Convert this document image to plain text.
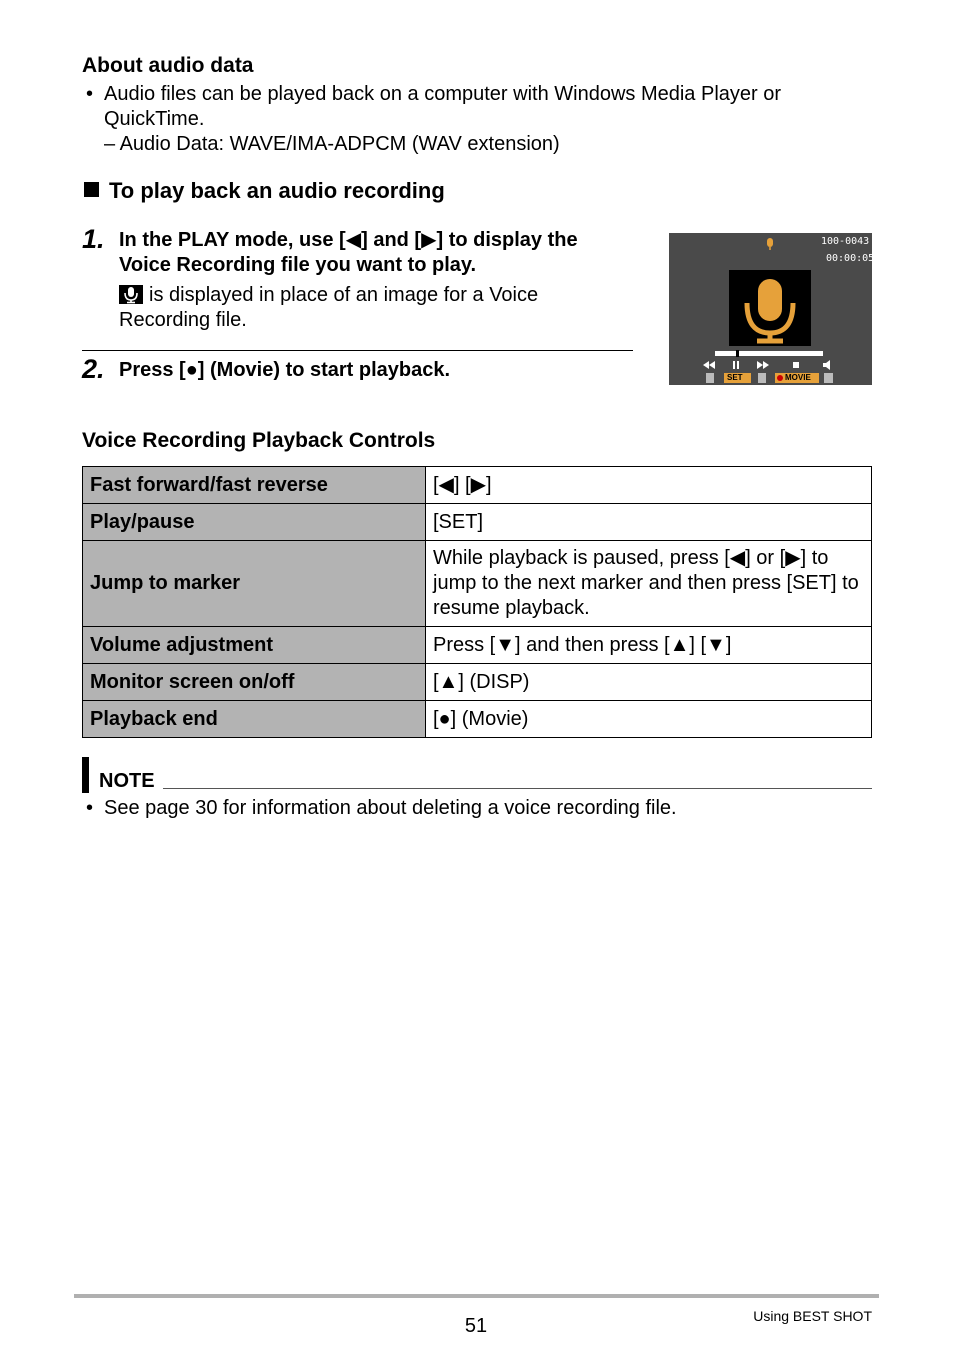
About audio data
• Audio files can be played back on a computer with Windows Media Player or QuickTime.
– Audio Data: WAVE/IMA-ADPCM (WAV extension)
To play back an audio recording
1. In the PLAY mode, use [◀] and [▶] to display the Voice Recording file you want to play.
is displayed in place of an image for a Voice Recording file.
2. Press [●] (Movie) to start playback.
100-0043
00:00:05
SET	MOVIE
Voice Recording Playback Controls
Fast forward/fast reverse	[◀] [▶]
Play/pause	[SET]
Jump to marker	While playback is paused, press [◀] or [▶] to jump to the next marker and then press [SET] to resume playback.
Volume adjustment	Press [▼] and then press [▲] [▼]
Monitor screen on/off	[▲] (DISP)
Playback end	[●] (Movie)
NOTE
• See page 30 for information about deleting a voice recording file.
51	Using BEST SHOT
